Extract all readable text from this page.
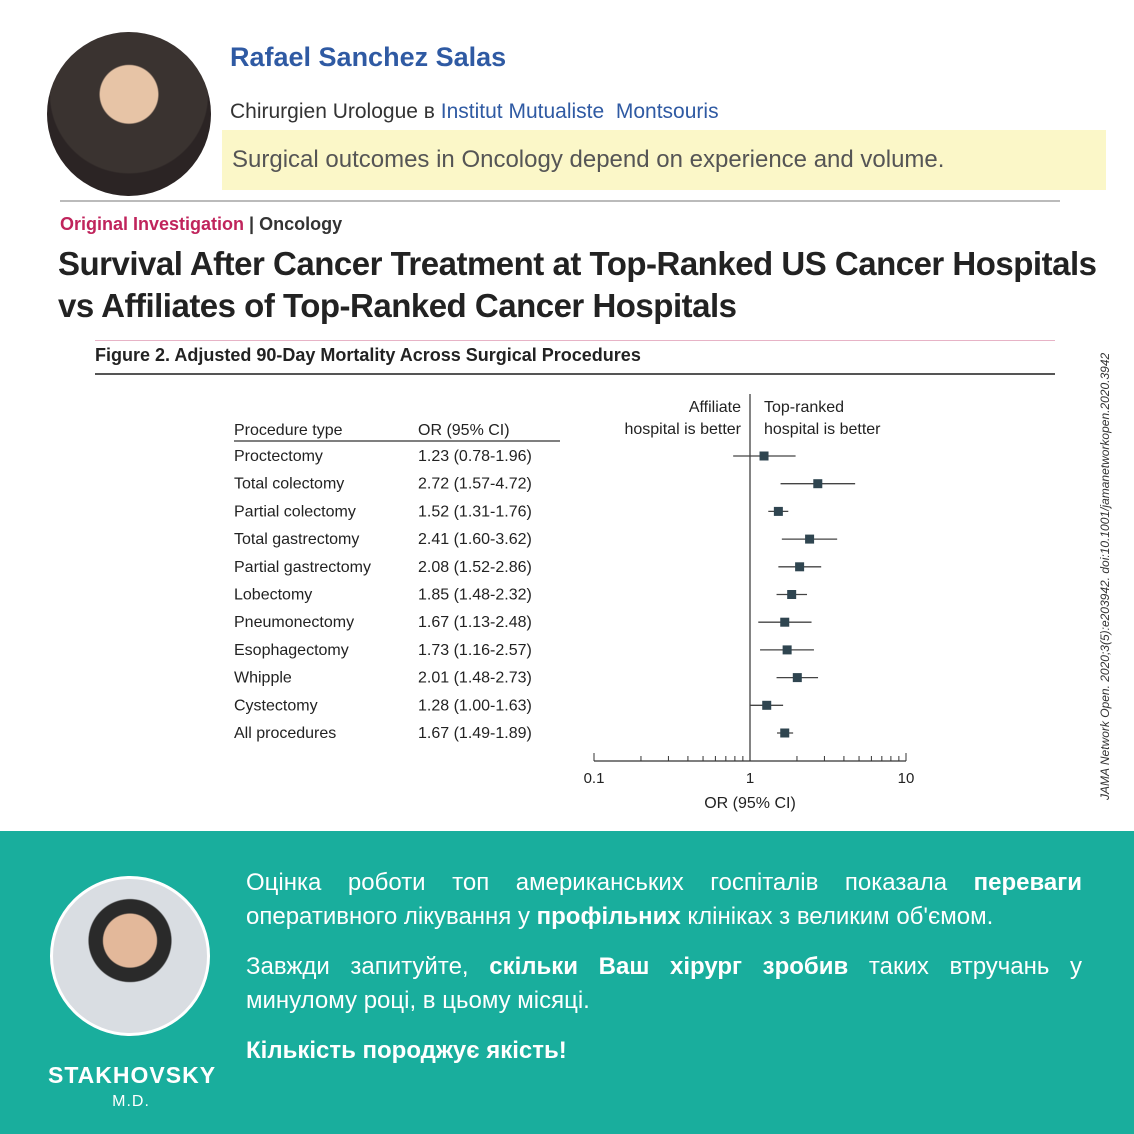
Rafael Sanchez Salas
Chirurgien Urologue в Institut Mutualiste Montsouris
Surgical outcomes in Oncology depend on experience and volume.
Original Investigation | Oncology
Survival After Cancer Treatment at Top-Ranked US Cancer Hospitals
vs Affiliates of Top-Ranked Cancer Hospitals
JAMA Network Open. 2020;3(5):e203942. doi:10.1001/jamanetworkopen.2020.3942
Figure 2. Adjusted 90-Day Mortality Across Surgical Procedures
Procedure type	OR (95% CI)
Affiliate
hospital is better
Top-ranked
hospital is better
Proctectomy	1.23 (0.78-1.96)
Total colectomy	2.72 (1.57-4.72)
Partial colectomy	1.52 (1.31-1.76)
Total gastrectomy	2.41 (1.60-3.62)
Partial gastrectomy	2.08 (1.52-2.86)
Lobectomy	1.85 (1.48-2.32)
Pneumonectomy	1.67 (1.13-2.48)
Esophagectomy	1.73 (1.16-2.57)
Whipple	2.01 (1.48-2.73)
Cystectomy	1.28 (1.00-1.63)
All procedures	1.67 (1.49-1.89)
0.1	1	10
OR (95% CI)
STAKHOVSKY
M.D.

Оцінка роботи топ американських госпіталів показала переваги оперативного лікування у профільних клініках з великим об'ємом.

Завжди запитуйте, скільки Ваш хірург зробив таких втручань у минулому році, в цьому місяці.

Кількість породжує якість!
